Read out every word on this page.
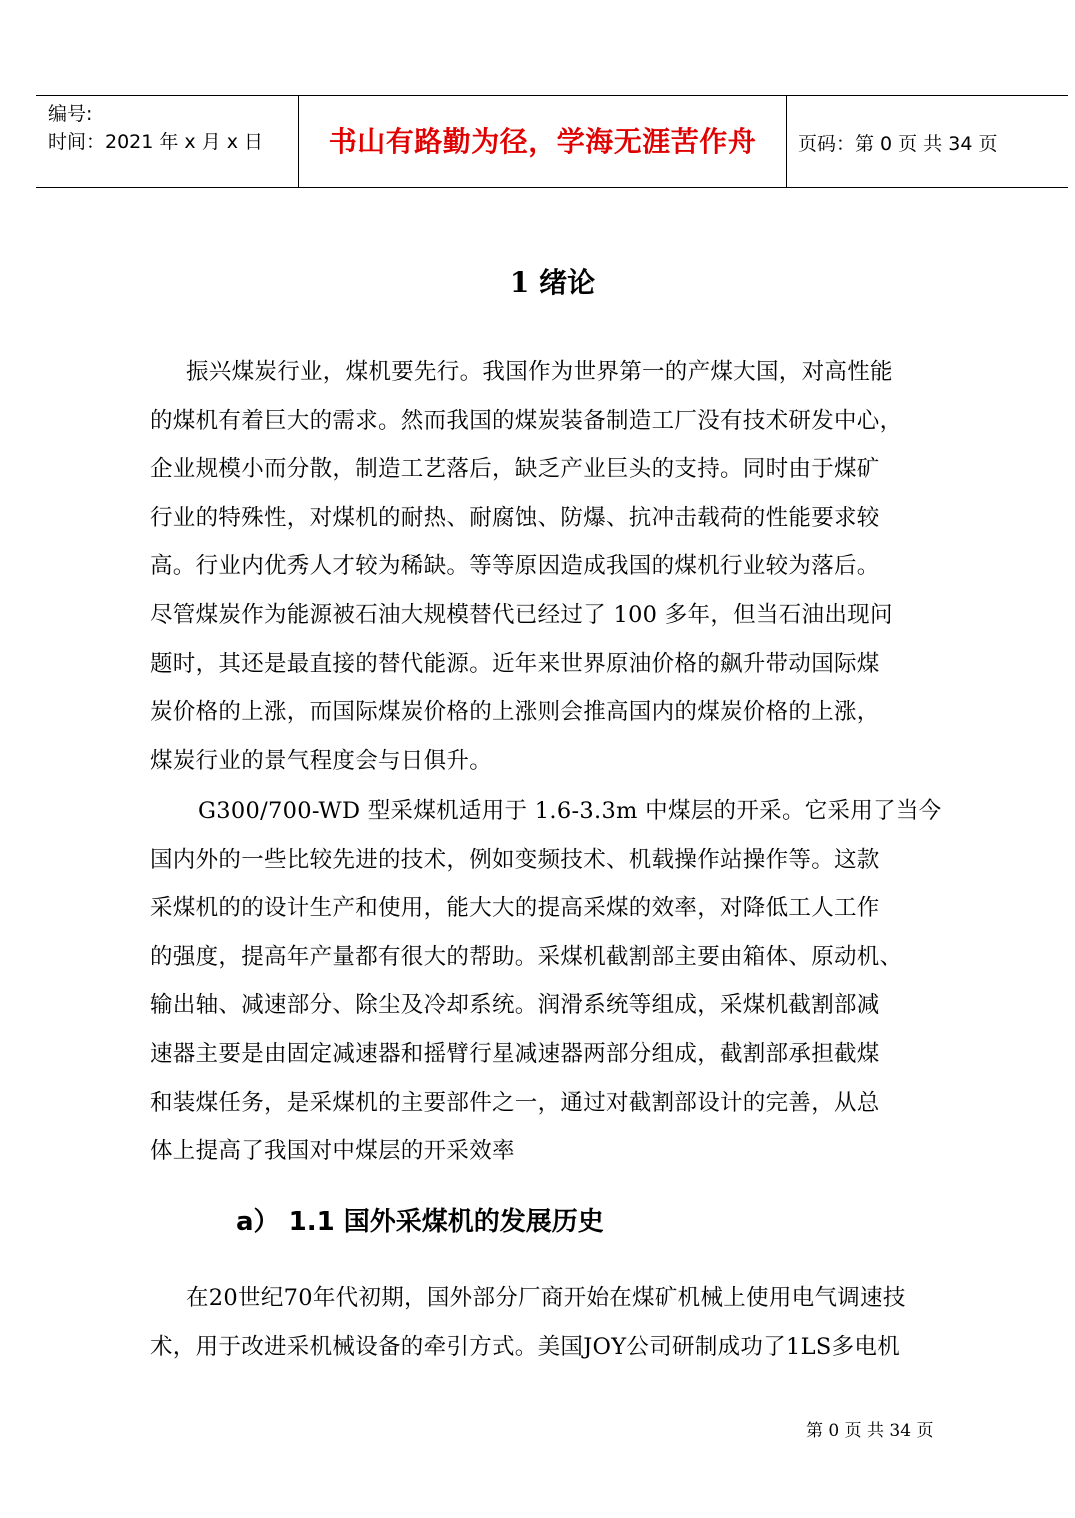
编号:
时间：2021 年 x 月 x 日	书山有路勤为径，学海无涯苦作舟	页码：第 0 页 共 34 页
1 绪论

振兴煤炭行业，煤机要先行。我国作为世界第一的产煤大国，对高性能
的煤机有着巨大的需求。然而我国的煤炭装备制造工厂没有技术研发中心，
企业规模小而分散，制造工艺落后，缺乏产业巨头的支持。同时由于煤矿
行业的特殊性，对煤机的耐热、耐腐蚀、防爆、抗冲击载荷的性能要求较
高。行业内优秀人才较为稀缺。等等原因造成我国的煤机行业较为落后。
尽管煤炭作为能源被石油大规模替代已经过了 100 多年，但当石油出现问
题时，其还是最直接的替代能源。近年来世界原油价格的飙升带动国际煤
炭价格的上涨，而国际煤炭价格的上涨则会推高国内的煤炭价格的上涨，
煤炭行业的景气程度会与日俱升。

G300/700-WD 型采煤机适用于 1.6-3.3m 中煤层的开采。它采用了当今
国内外的一些比较先进的技术，例如变频技术、机载操作站操作等。这款
采煤机的的设计生产和使用，能大大的提高采煤的效率，对降低工人工作
的强度，提高年产量都有很大的帮助。采煤机截割部主要由箱体、原动机、
输出轴、减速部分、除尘及冷却系统。润滑系统等组成，采煤机截割部减
速器主要是由固定减速器和摇臂行星减速器两部分组成，截割部承担截煤
和装煤任务，是采煤机的主要部件之一，通过对截割部设计的完善，从总
体上提高了我国对中煤层的开采效率

a） 1.1 国外采煤机的发展历史

在20世纪70年代初期，国外部分厂商开始在煤矿机械上使用电气调速技
术，用于改进采机械设备的牵引方式。美国JOY公司研制成功了1LS多电机

第 0 页 共 34 页
